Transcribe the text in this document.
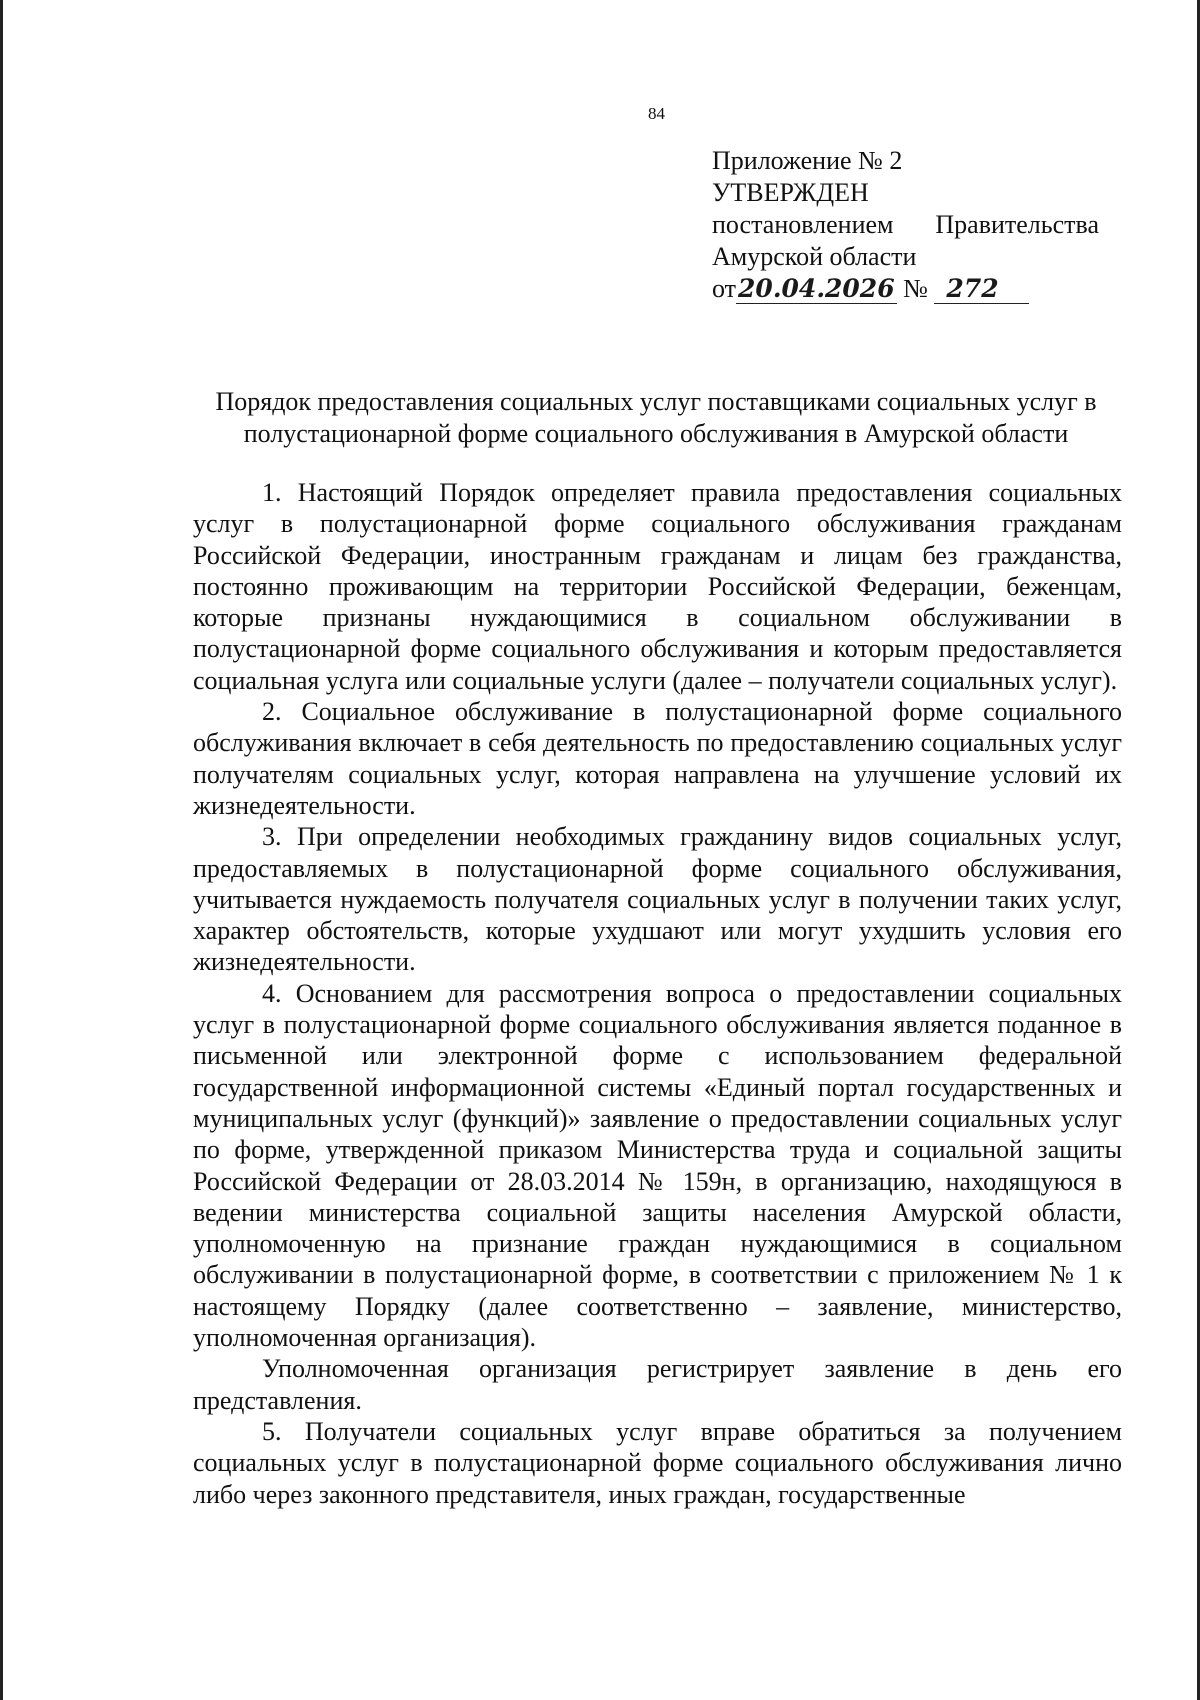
84
Приложение № 2
УТВЕРЖДЕН
постановлением Правительства
Амурской области
от20.04.2026 № 272
Порядок предоставления социальных услуг поставщиками социальных услуг в
полустационарной форме социального обслуживания в Амурской области

1. Настоящий Порядок определяет правила предоставления социальных услуг в полустационарной форме социального обслуживания гражданам Российской Федерации, иностранным гражданам и лицам без гражданства, постоянно проживающим на территории Российской Федерации, беженцам, которые признаны нуждающимися в социальном обслуживании в полустационарной форме социального обслуживания и которым предоставляется социальная услуга или социальные услуги (далее – получатели социальных услуг).

2. Социальное обслуживание в полустационарной форме социального обслуживания включает в себя деятельность по предоставлению социальных услуг получателям социальных услуг, которая направлена на улучшение условий их жизнедеятельности.

3. При определении необходимых гражданину видов социальных услуг, предоставляемых в полустационарной форме социального обслуживания, учитывается нуждаемость получателя социальных услуг в получении таких услуг, характер обстоятельств, которые ухудшают или могут ухудшить условия его жизнедеятельности.

4. Основанием для рассмотрения вопроса о предоставлении социальных услуг в полустационарной форме социального обслуживания является поданное в письменной или электронной форме с использованием федеральной государственной информационной системы «Единый портал государственных и муниципальных услуг (функций)» заявление о предоставлении социальных услуг по форме, утвержденной приказом Министерства труда и социальной защиты Российской Федерации от 28.03.2014 № 159н, в организацию, находящуюся в ведении министерства социальной защиты населения Амурской области, уполномоченную на признание граждан нуждающимися в социальном обслуживании в полустационарной форме, в соответствии с приложением № 1 к настоящему Порядку (далее соответственно – заявление, министерство, уполномоченная организация).

Уполномоченная организация регистрирует заявление в день его представления.

5. Получатели социальных услуг вправе обратиться за получением социальных услуг в полустационарной форме социального обслуживания лично либо через законного представителя, иных граждан, государственные
